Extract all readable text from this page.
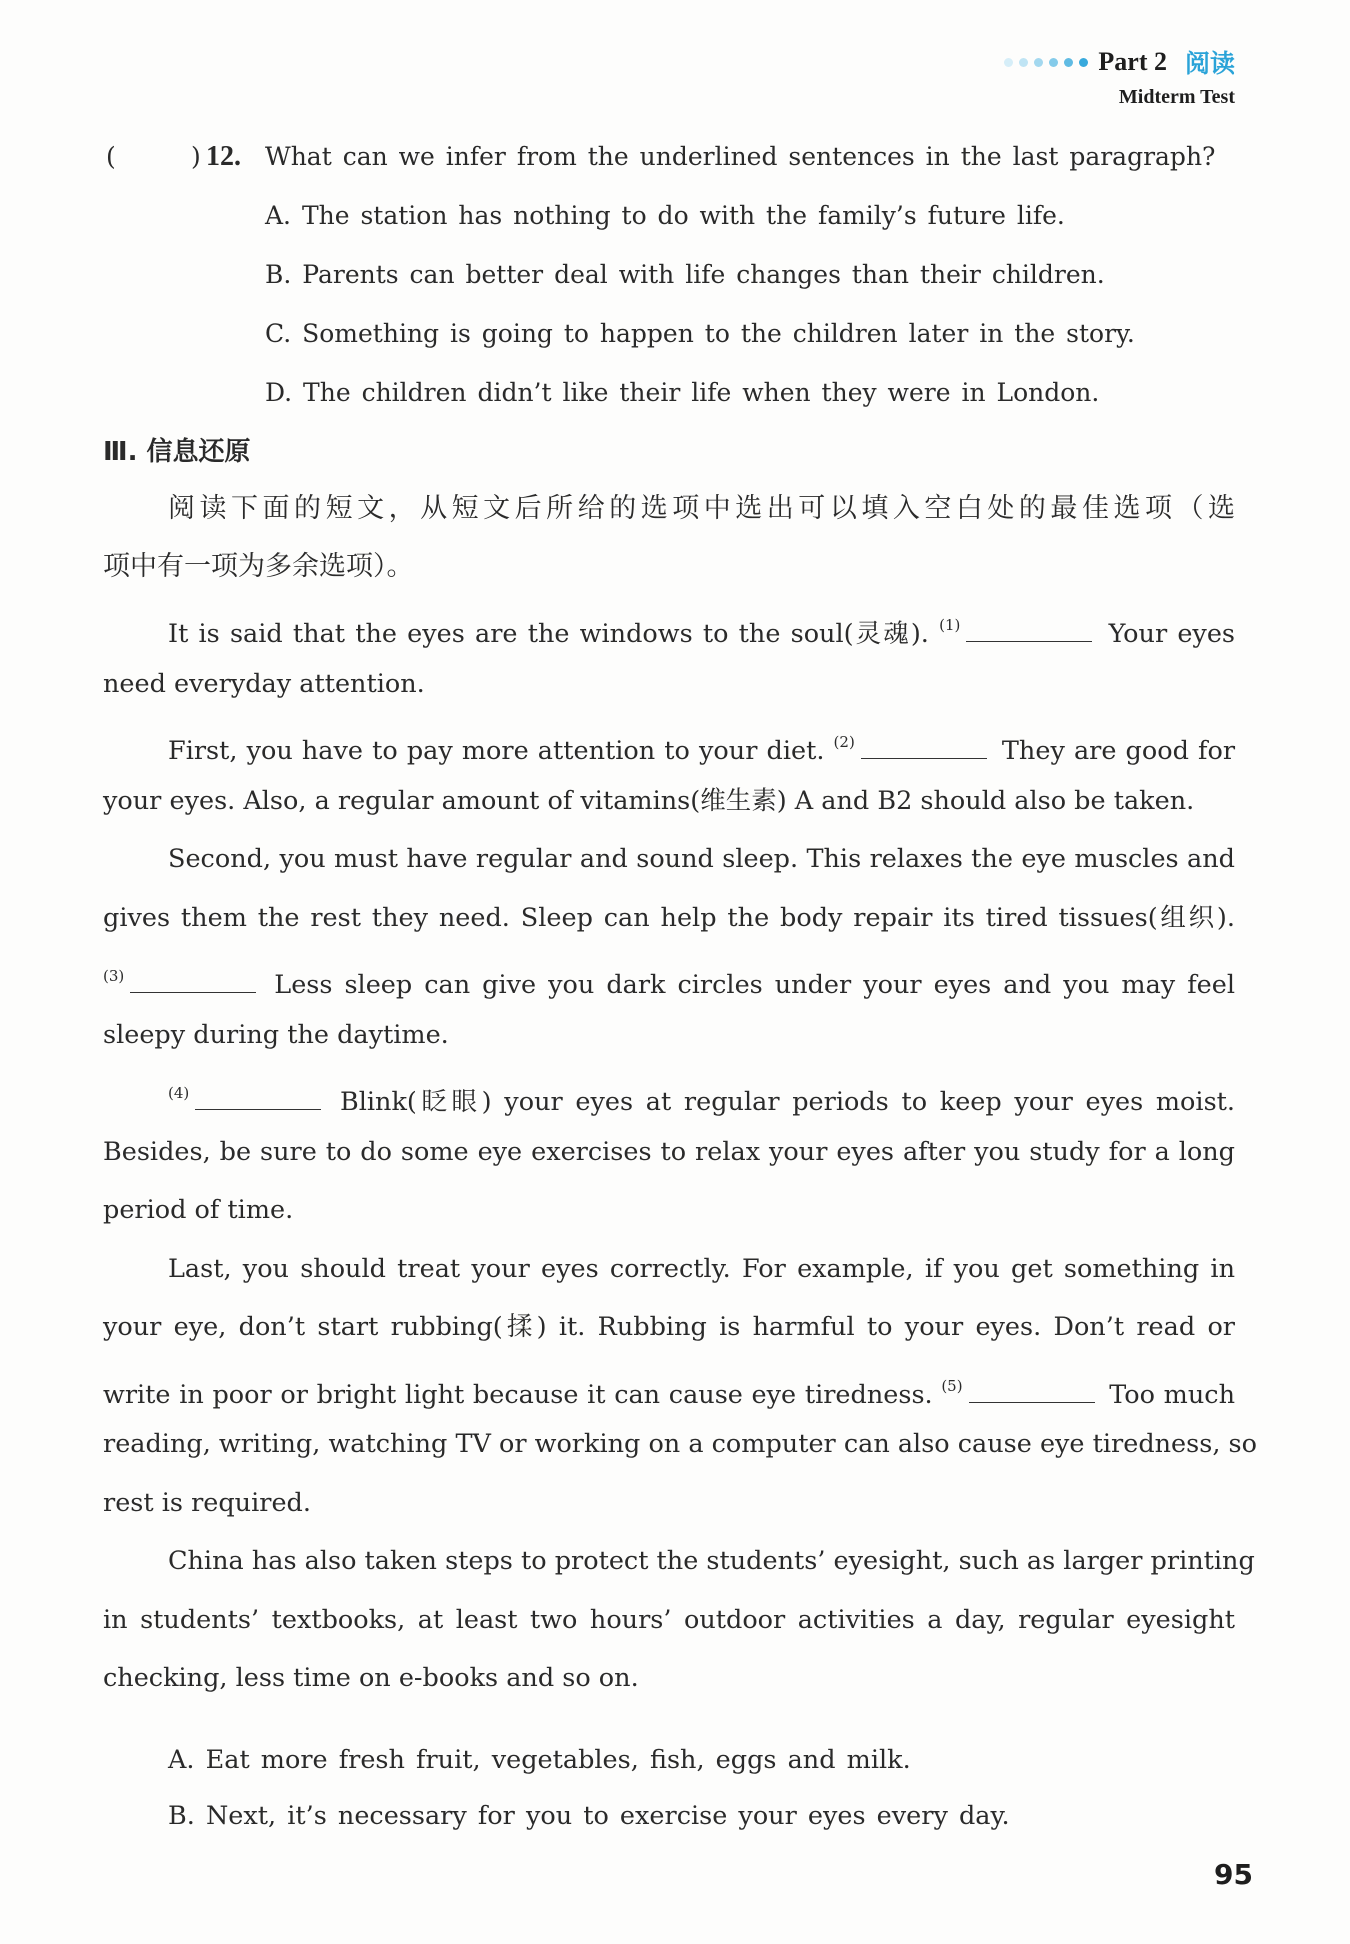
Part 2 阅读
Midterm Test
(	) 12. What can we infer from the underlined sentences in the last paragraph?
A. The station has nothing to do with the family’s future life.
B. Parents can better deal with life changes than their children.
C. Something is going to happen to the children later in the story.
D. The children didn’t like their life when they were in London.
Ⅲ. 信息还原
阅读下面的短文，从短文后所给的选项中选出可以填入空白处的最佳选项（选
项中有一项为多余选项）。
It is said that the eyes are the windows to the soul(灵魂). $^{(1)}$	Your eyes
need everyday attention.
First, you have to pay more attention to your diet. $^{(2)}$	They are good for
your eyes. Also, a regular amount of vitamins(维生素) A and B2 should also be taken.
Second, you must have regular and sound sleep. This relaxes the eye muscles and
gives them the rest they need. Sleep can help the body repair its tired tissues(组织).
$^{(3)}$	Less sleep can give you dark circles under your eyes and you may feel
sleepy during the daytime.
$^{(4)}$	Blink(眨眼) your eyes at regular periods to keep your eyes moist.
Besides, be sure to do some eye exercises to relax your eyes after you study for a long
period of time.
Last, you should treat your eyes correctly. For example, if you get something in
your eye, don’t start rubbing(揉) it. Rubbing is harmful to your eyes. Don’t read or
write in poor or bright light because it can cause eye tiredness. $^{(5)}$	Too much
reading, writing, watching TV or working on a computer can also cause eye tiredness, so
rest is required.
China has also taken steps to protect the students’ eyesight, such as larger printing
in students’ textbooks, at least two hours’ outdoor activities a day, regular eyesight
checking, less time on e-books and so on.
A. Eat more fresh fruit, vegetables, fish, eggs and milk.
B. Next, it’s necessary for you to exercise your eyes every day.
95
